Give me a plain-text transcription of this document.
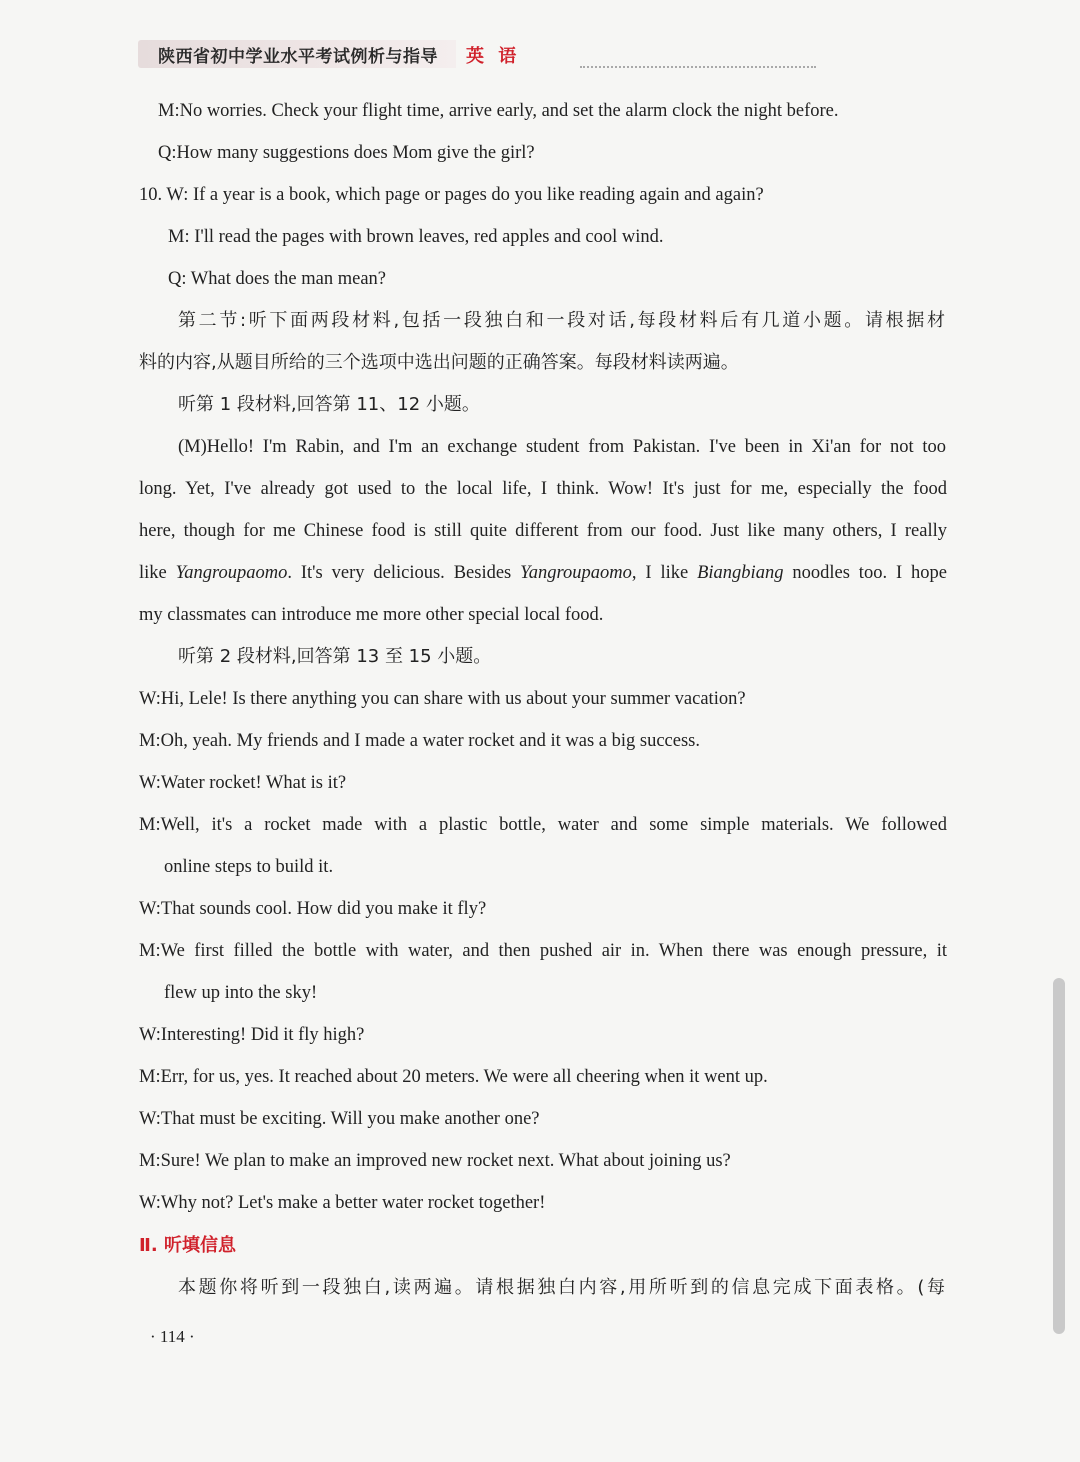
陕西省初中学业水平考试例析与指导 英 语
M:No worries. Check your flight time, arrive early, and set the alarm clock the night before.
Q:How many suggestions does Mom give the girl?
10. W: If a year is a book, which page or pages do you like reading again and again?
M: I'll read the pages with brown leaves, red apples and cool wind.
Q: What does the man mean?
第二节:听下面两段材料,包括一段独白和一段对话,每段材料后有几道小题。请根据材
料的内容,从题目所给的三个选项中选出问题的正确答案。每段材料读两遍。
听第 1 段材料,回答第 11、12 小题。
(M)Hello! I'm Rabin, and I'm an exchange student from Pakistan. I've been in Xi'an for not too
long. Yet, I've already got used to the local life, I think. Wow! It's just for me, especially the food
here, though for me Chinese food is still quite different from our food. Just like many others, I really
like Yangroupaomo. It's very delicious. Besides Yangroupaomo, I like Biangbiang noodles too. I hope
my classmates can introduce me more other special local food.
听第 2 段材料,回答第 13 至 15 小题。
W:Hi, Lele! Is there anything you can share with us about your summer vacation?
M:Oh, yeah. My friends and I made a water rocket and it was a big success.
W:Water rocket! What is it?
M:Well, it's a rocket made with a plastic bottle, water and some simple materials. We followed
online steps to build it.
W:That sounds cool. How did you make it fly?
M:We first filled the bottle with water, and then pushed air in. When there was enough pressure, it
flew up into the sky!
W:Interesting! Did it fly high?
M:Err, for us, yes. It reached about 20 meters. We were all cheering when it went up.
W:That must be exciting. Will you make another one?
M:Sure! We plan to make an improved new rocket next. What about joining us?
W:Why not? Let's make a better water rocket together!
Ⅱ. 听填信息
本题你将听到一段独白,读两遍。请根据独白内容,用所听到的信息完成下面表格。(每
· 114 ·
